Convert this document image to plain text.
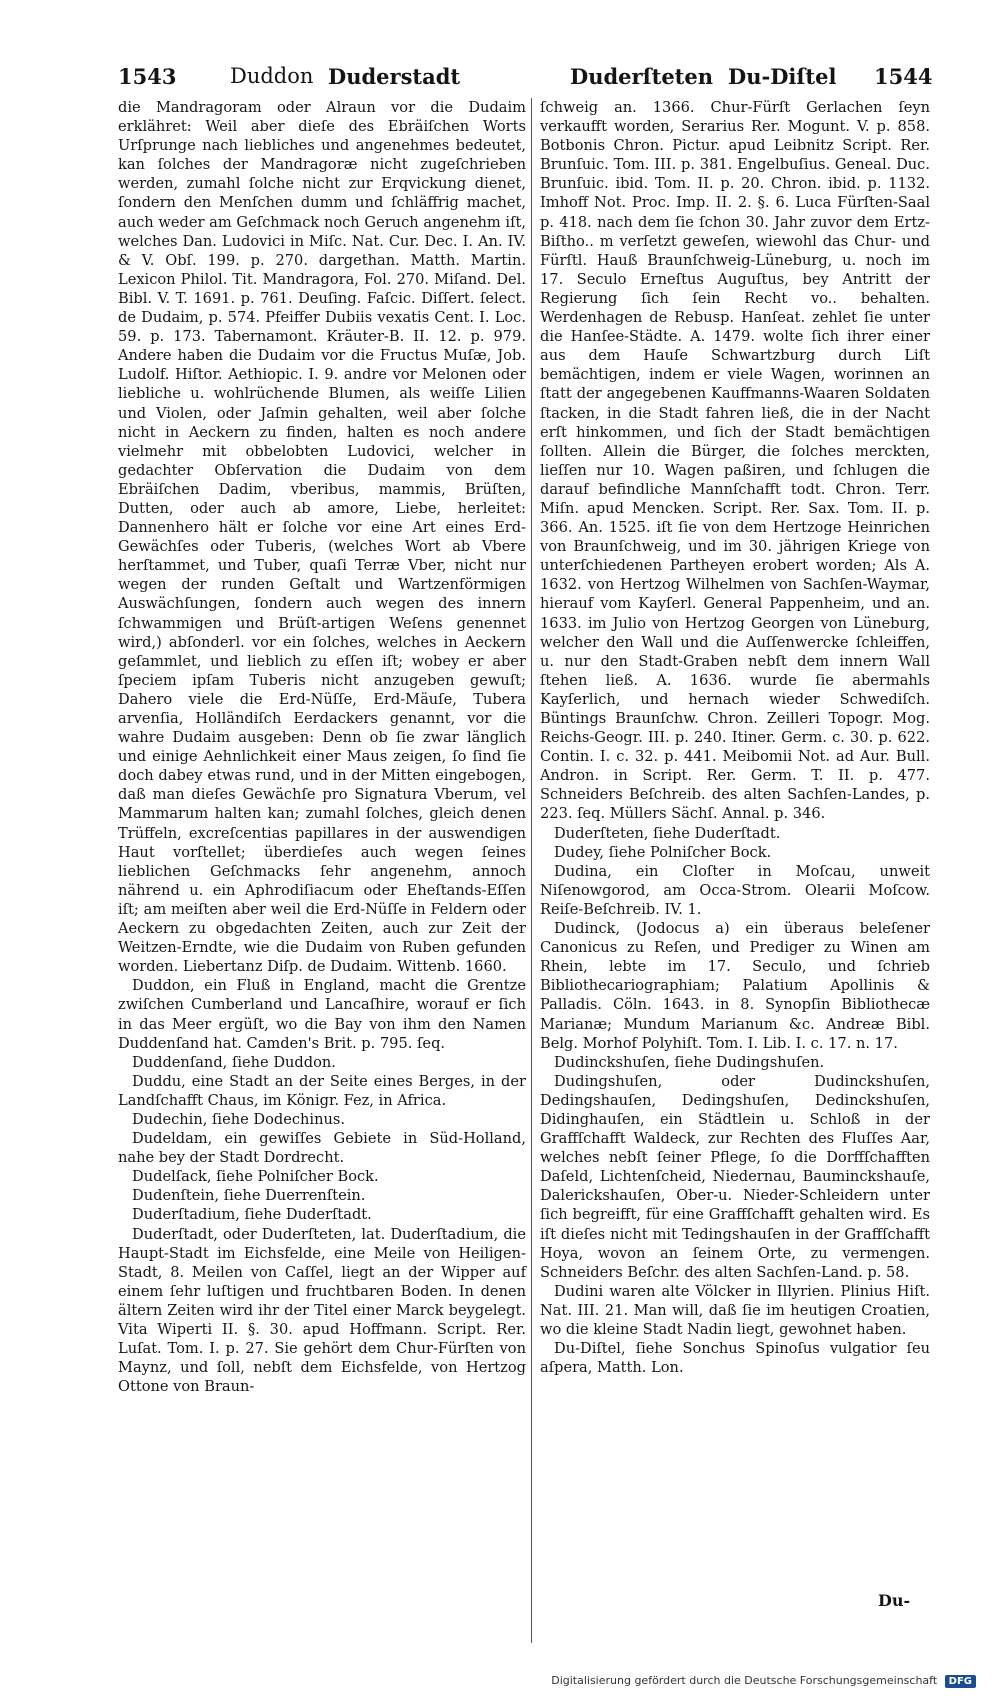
1543	Duddon Duderstadt	Duderſteten Du-Diſtel 1544

die Mandragoram oder Alraun vor die Dudaim erklähret: Weil aber dieſe des Ebräiſchen Worts Urſprunge nach liebliches und angenehmes bedeutet, kan ſolches der Mandragoræ nicht zugeſchrieben werden, zumahl ſolche nicht zur Erqvickung dienet, ſondern den Menſchen dumm und ſchläffrig machet, auch weder am Geſchmack noch Geruch angenehm iſt, welches Dan. Ludovici in Miſc. Nat. Cur. Dec. I. An. IV. & V. Obſ. 199. p. 270. dargethan. Matth. Martin. Lexicon Philol. Tit. Mandragora, Fol. 270. Miſand. Del. Bibl. V. T. 1691. p. 761. Deuſing. Faſcic. Diſſert. ſelect. de Dudaim, p. 574. Pfeiffer Dubiis vexatis Cent. I. Loc. 59. p. 173. Tabernamont. Kräuter-B. II. 12. p. 979. Andere haben die Dudaim vor die Fructus Muſæ, Job. Ludolf. Hiſtor. Aethiopic. I. 9. andre vor Melonen oder liebliche u. wohlrüchende Blumen, als weiſſe Lilien und Violen, oder Jaſmin gehalten, weil aber ſolche nicht in Aeckern zu finden, halten es noch andere vielmehr mit obbelobten Ludovici, welcher in gedachter Obſervation die Dudaim von dem Ebräiſchen Dadim, vberibus, mammis, Brüſten, Dutten, oder auch ab amore, Liebe, herleitet: Dannenhero hält er ſolche vor eine Art eines Erd-Gewächſes oder Tuberis, (welches Wort ab Vbere herſtammet, und Tuber, quaſi Terræ Vber, nicht nur wegen der runden Geſtalt und Wartzenförmigen Auswächſungen, ſondern auch wegen des innern ſchwammigen und Brüſt-artigen Weſens genennet wird,) abſonderl. vor ein ſolches, welches in Aeckern geſammlet, und lieblich zu eſſen iſt; wobey er aber ſpeciem ipſam Tuberis nicht anzugeben gewuſt; Dahero viele die Erd-Nüſſe, Erd-Mäuſe, Tubera arvenſia, Holländiſch Eerdackers genannt, vor die wahre Dudaim ausgeben: Denn ob ſie zwar länglich und einige Aehnlichkeit einer Maus zeigen, ſo ſind ſie doch dabey etwas rund, und in der Mitten eingebogen, daß man dieſes Gewächſe pro Signatura Vberum, vel Mammarum halten kan; zumahl ſolches, gleich denen Trüffeln, excreſcentias papillares in der auswendigen Haut vorſtellet; überdieſes auch wegen ſeines lieblichen Geſchmacks ſehr angenehm, annoch nährend u. ein Aphrodiſiacum oder Eheſtands-Eſſen iſt; am meiſten aber weil die Erd-Nüſſe in Feldern oder Aeckern zu obgedachten Zeiten, auch zur Zeit der Weitzen-Erndte, wie die Dudaim von Ruben gefunden worden. Liebertanz Diſp. de Dudaim. Wittenb. 1660.

Duddon, ein Fluß in England, macht die Grentze zwiſchen Cumberland und Lancaſhire, worauf er ſich in das Meer ergüſt, wo die Bay von ihm den Namen Duddenſand hat. Camden's Brit. p. 795. ſeq.

Duddenſand, ſiehe Duddon.

Duddu, eine Stadt an der Seite eines Berges, in der Landſchafft Chaus, im Königr. Fez, in Africa.

Dudechin, ſiehe Dodechinus.

Dudeldam, ein gewiſſes Gebiete in Süd-Holland, nahe bey der Stadt Dordrecht.

Dudelſack, ſiehe Polniſcher Bock.

Dudenſtein, ſiehe Duerrenſtein.

Duderſtadium, ſiehe Duderſtadt.

Duderſtadt, oder Duderſteten, lat. Duderſtadium, die Haupt-Stadt im Eichsfelde, eine Meile von Heiligen-Stadt, 8. Meilen von Caſſel, liegt an der Wipper auf einem ſehr luſtigen und fruchtbaren Boden. In denen ältern Zeiten wird ihr der Titel einer Marck beygelegt. Vita Wiperti II. §. 30. apud Hoffmann. Script. Rer. Luſat. Tom. I. p. 27. Sie gehört dem Chur-Fürſten von Maynz, und ſoll, nebſt dem Eichsfelde, von Hertzog Ottone von Braun-

ſchweig an. 1366. Chur-Fürſt Gerlachen ſeyn verkaufft worden, Serarius Rer. Mogunt. V. p. 858. Botbonis Chron. Pictur. apud Leibnitz Script. Rer. Brunſuic. Tom. III. p. 381. Engelbuſius. Geneal. Duc. Brunſuic. ibid. Tom. II. p. 20. Chron. ibid. p. 1132. Imhoff Not. Proc. Imp. II. 2. §. 6. Luca Fürſten-Saal p. 418. nach dem ſie ſchon 30. Jahr zuvor dem Ertz-Biſtho.. m verſetzt geweſen, wiewohl das Chur- und Fürſtl. Hauß Braunſchweig-Lüneburg, u. noch im 17. Seculo Erneſtus Auguſtus, bey Antritt der Regierung ſich ſein Recht vo.. behalten. Werdenhagen de Rebusp. Hanſeat. zehlet ſie unter die Hanſee-Städte. A. 1479. wolte ſich ihrer einer aus dem Hauſe Schwartzburg durch Liſt bemächtigen, indem er viele Wagen, worinnen an ſtatt der angegebenen Kauffmanns-Waaren Soldaten ſtacken, in die Stadt fahren ließ, die in der Nacht erſt hinkommen, und ſich der Stadt bemächtigen ſollten. Allein die Bürger, die ſolches merckten, lieſſen nur 10. Wagen paßiren, und ſchlugen die darauf befindliche Mannſchafft todt. Chron. Terr. Miſn. apud Mencken. Script. Rer. Sax. Tom. II. p. 366. An. 1525. iſt ſie von dem Hertzoge Heinrichen von Braunſchweig, und im 30. jährigen Kriege von unterſchiedenen Partheyen erobert worden; Als A. 1632. von Hertzog Wilhelmen von Sachſen-Waymar, hierauf vom Kayſerl. General Pappenheim, und an. 1633. im Julio von Hertzog Georgen von Lüneburg, welcher den Wall und die Auſſenwercke ſchleiffen, u. nur den Stadt-Graben nebſt dem innern Wall ſtehen ließ. A. 1636. wurde ſie abermahls Kayſerlich, und hernach wieder Schwediſch. Büntings Braunſchw. Chron. Zeilleri Topogr. Mog. Reichs-Geogr. III. p. 240. Itiner. Germ. c. 30. p. 622. Contin. I. c. 32. p. 441. Meibomii Not. ad Aur. Bull. Andron. in Script. Rer. Germ. T. II. p. 477. Schneiders Beſchreib. des alten Sachſen-Landes, p. 223. ſeq. Müllers Sächſ. Annal. p. 346.

Duderſteten, ſiehe Duderſtadt.

Dudey, ſiehe Polniſcher Bock.

Dudina, ein Cloſter in Moſcau, unweit Niſenowgorod, am Occa-Strom. Olearii Moſcow. Reiſe-Beſchreib. IV. 1.

Dudinck, (Jodocus a) ein überaus beleſener Canonicus zu Reſen, und Prediger zu Winen am Rhein, lebte im 17. Seculo, und ſchrieb Bibliothecariographiam; Palatium Apollinis & Palladis. Cöln. 1643. in 8. Synopſin Bibliothecæ Marianæ; Mundum Marianum &c. Andreæ Bibl. Belg. Morhof Polyhiſt. Tom. I. Lib. I. c. 17. n. 17.

Dudinckshuſen, ſiehe Dudingshuſen.

Dudingshuſen, oder Dudinckshuſen, Dedingshauſen, Dedingshuſen, Dedinckshuſen, Didinghauſen, ein Städtlein u. Schloß in der Graffſchafft Waldeck, zur Rechten des Fluſſes Aar, welches nebſt ſeiner Pflege, ſo die Dorffſchafften Daſeld, Lichtenſcheid, Niedernau, Bauminckshauſe, Dalerickshauſen, Ober-u. Nieder-Schleidern unter ſich begreifft, für eine Graffſchafft gehalten wird. Es iſt dieſes nicht mit Tedingshauſen in der Graffſchafft Hoya, wovon an ſeinem Orte, zu vermengen. Schneiders Beſchr. des alten Sachſen-Land. p. 58.

Dudini waren alte Völcker in Illyrien. Plinius Hiſt. Nat. III. 21. Man will, daß ſie im heutigen Croatien, wo die kleine Stadt Nadin liegt, gewohnet haben.

Du-Diſtel, ſiehe Sonchus Spinoſus vulgatior ſeu aſpera, Matth. Lon.

Du-
Digitalisierung gefördert durch die Deutsche Forschungsgemeinschaft DFG
